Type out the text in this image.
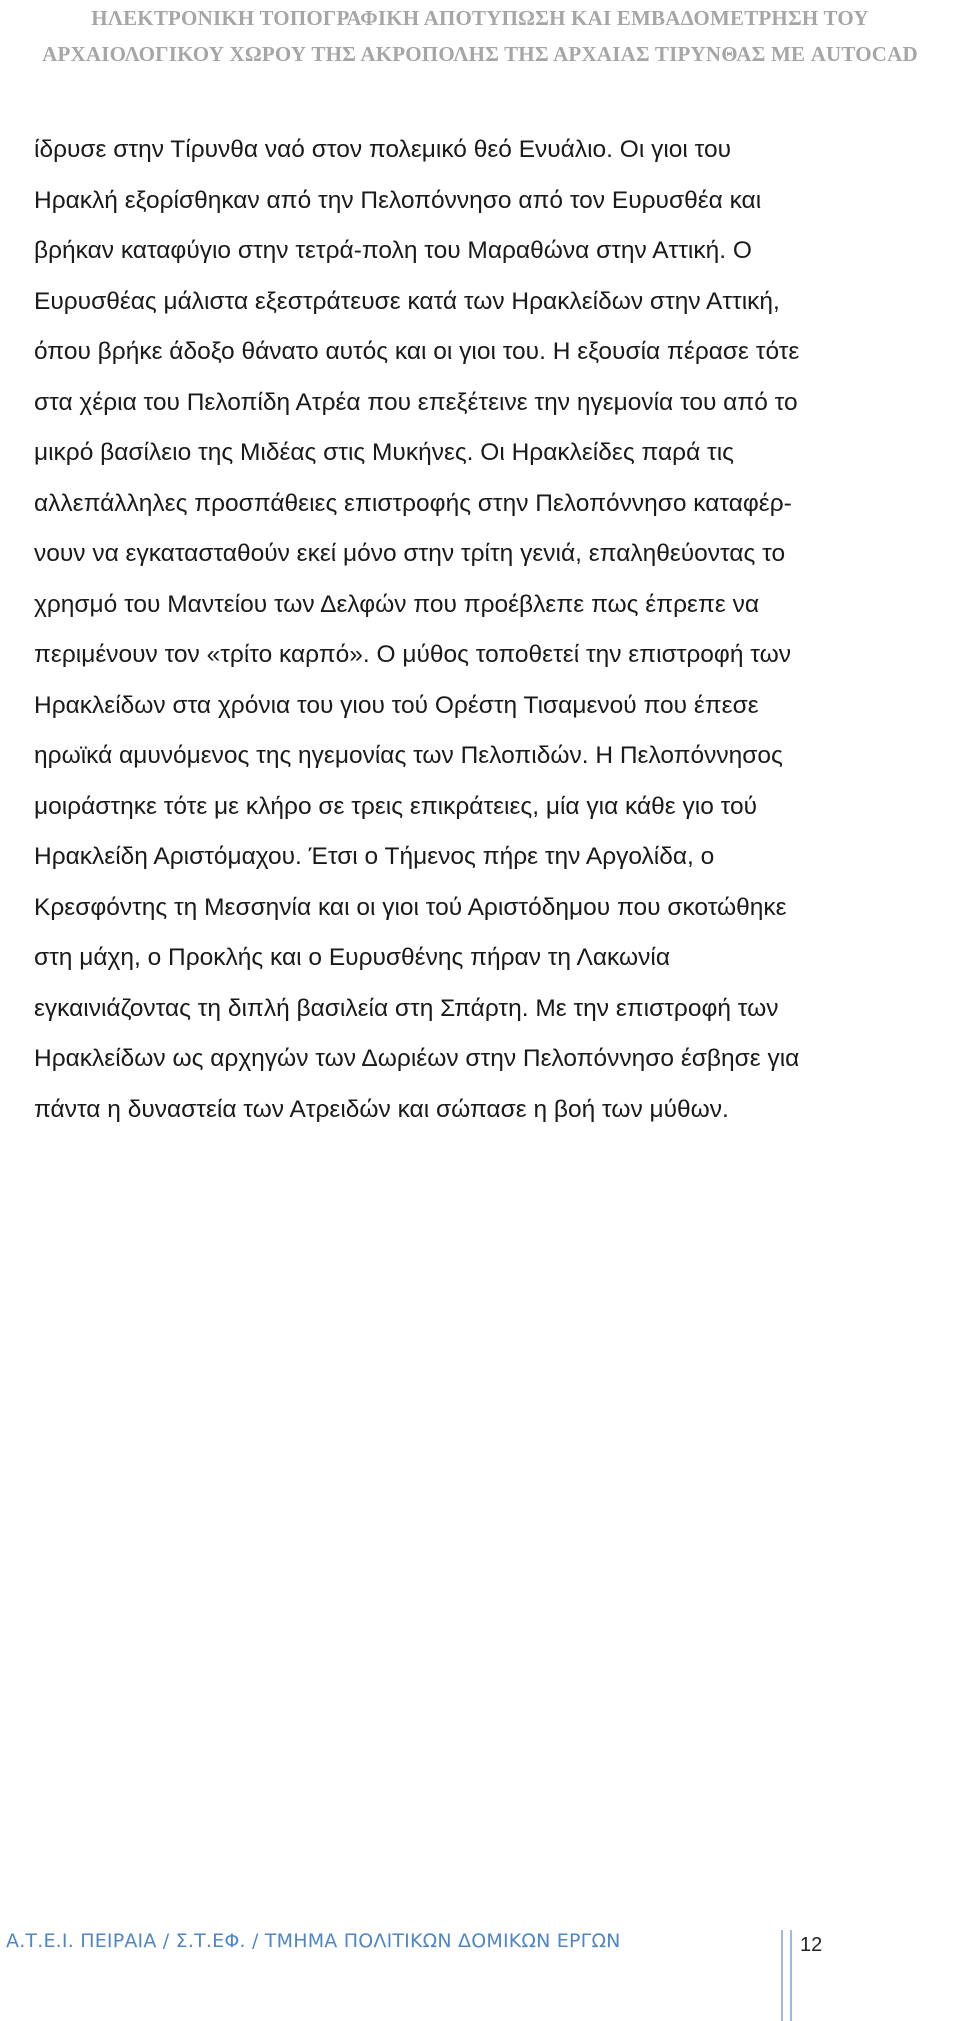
ΗΛΕΚΤΡΟΝΙΚΗ ΤΟΠΟΓΡΑΦΙΚΗ ΑΠΟΤΥΠΩΣΗ ΚΑΙ ΕΜΒΑΔΟΜΕΤΡΗΣΗ ΤΟΥ
ΑΡΧΑΙΟΛΟΓΙΚΟΥ ΧΩΡΟΥ ΤΗΣ ΑΚΡΟΠΟΛΗΣ ΤΗΣ ΑΡΧΑΙΑΣ ΤΙΡΥΝΘΑΣ ΜΕ AUTOCAD
ίδρυσε στην Τίρυνθα ναό στον πολεμικό θεό Ενυάλιο. Οι γιοι του
Ηρακλή εξορίσθηκαν από την Πελοπόννησο από τον Ευρυσθέα και
βρήκαν καταφύγιο στην τετρά-πολη του Μαραθώνα στην Αττική. Ο
Ευρυσθέας μάλιστα εξεστράτευσε κατά των Ηρακλείδων στην Αττική,
όπου βρήκε άδοξο θάνατο αυτός και οι γιοι του. Η εξουσία πέρασε τότε
στα χέρια του Πελοπίδη Ατρέα που επεξέτεινε την ηγεμονία του από το
μικρό βασίλειο της Μιδέας στις Μυκήνες. Οι Ηρακλείδες παρά τις
αλλεπάλληλες προσπάθειες επιστροφής στην Πελοπόννησο καταφέρ-
νουν να εγκατασταθούν εκεί μόνο στην τρίτη γενιά, επαληθεύοντας το
χρησμό του Μαντείου των Δελφών που προέβλεπε πως έπρεπε να
περιμένουν τον «τρίτο καρπό». Ο μύθος τοποθετεί την επιστροφή των
Ηρακλείδων στα χρόνια του γιου τού Ορέστη Τισαμενού που έπεσε
ηρωϊκά αμυνόμενος της ηγεμονίας των Πελοπιδών. Η Πελοπόννησος
μοιράστηκε τότε με κλήρο σε τρεις επικράτειες, μία για κάθε γιο τού
Ηρακλείδη Αριστόμαχου. Έτσι ο Τήμενος πήρε την Αργολίδα, ο
Κρεσφόντης τη Μεσσηνία και οι γιοι τού Αριστόδημου που σκοτώθηκε
στη μάχη, ο Προκλής και ο Ευρυσθένης πήραν τη Λακωνία
εγκαινιάζοντας τη διπλή βασιλεία στη Σπάρτη. Με την επιστροφή των
Ηρακλείδων ως αρχηγών των Δωριέων στην Πελοπόννησο έσβησε για
πάντα η δυναστεία των Ατρειδών και σώπασε η βοή των μύθων.
Α.Τ.Ε.Ι. ΠΕΙΡΑΙΑ / Σ.Τ.ΕΦ. / ΤΜΗΜΑ ΠΟΛΙΤΙΚΩΝ ΔΟΜΙΚΩΝ ΕΡΓΩΝ	12
